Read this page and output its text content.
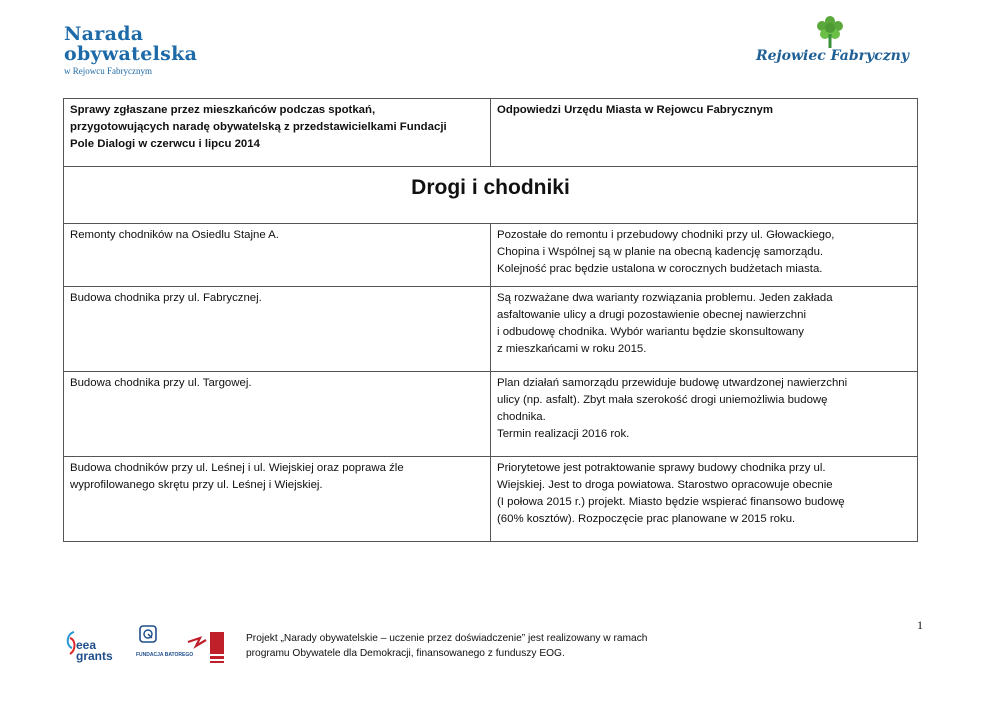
Narada
obywatelska
w Rejowcu Fabrycznym
Rejowiec Fabryczny
Sprawy zgłaszane przez mieszkańców podczas spotkań,
przygotowujących naradę obywatelską z przedstawicielkami Fundacji
Pole Dialogi w czerwcu i lipcu 2014	Odpowiedzi Urzędu Miasta w Rejowcu Fabrycznym

Drogi i chodniki	

Remonty chodników na Osiedlu Stajne A.	Pozostałe do remontu i przebudowy chodniki przy ul. Głowackiego,
Chopina i Wspólnej są w planie na obecną kadencję samorządu.
Kolejność prac będzie ustalona w corocznych budżetach miasta.

Budowa chodnika przy ul. Fabrycznej.	Są rozważane dwa warianty rozwiązania problemu. Jeden zakłada
asfaltowanie ulicy a drugi pozostawienie obecnej nawierzchni
i odbudowę chodnika. Wybór wariantu będzie skonsultowany
z mieszkańcami w roku 2015.

Budowa chodnika przy ul. Targowej.	Plan działań samorządu przewiduje budowę utwardzonej nawierzchni
ulicy (np. asfalt). Zbyt mała szerokość drogi uniemożliwia budowę
chodnika.
Termin realizacji 2016 rok.

Budowa chodników przy ul. Leśnej i ul. Wiejskiej oraz poprawa źle
wyprofilowanego skrętu przy ul. Leśnej i Wiejskiej.	Priorytetowe jest potraktowanie sprawy budowy chodnika przy ul.
Wiejskiej. Jest to droga powiatowa. Starostwo opracowuje obecnie
(I połowa 2015 r.) projekt. Miasto będzie wspierać finansowo budowę
(60% kosztów). Rozpoczęcie prac planowane w 2015 roku.
1
eea grants	FUNDACJA BATOREGO
Projekt „Narady obywatelskie – uczenie przez doświadczenie” jest realizowany w ramach
programu Obywatele dla Demokracji, finansowanego z funduszy EOG.
